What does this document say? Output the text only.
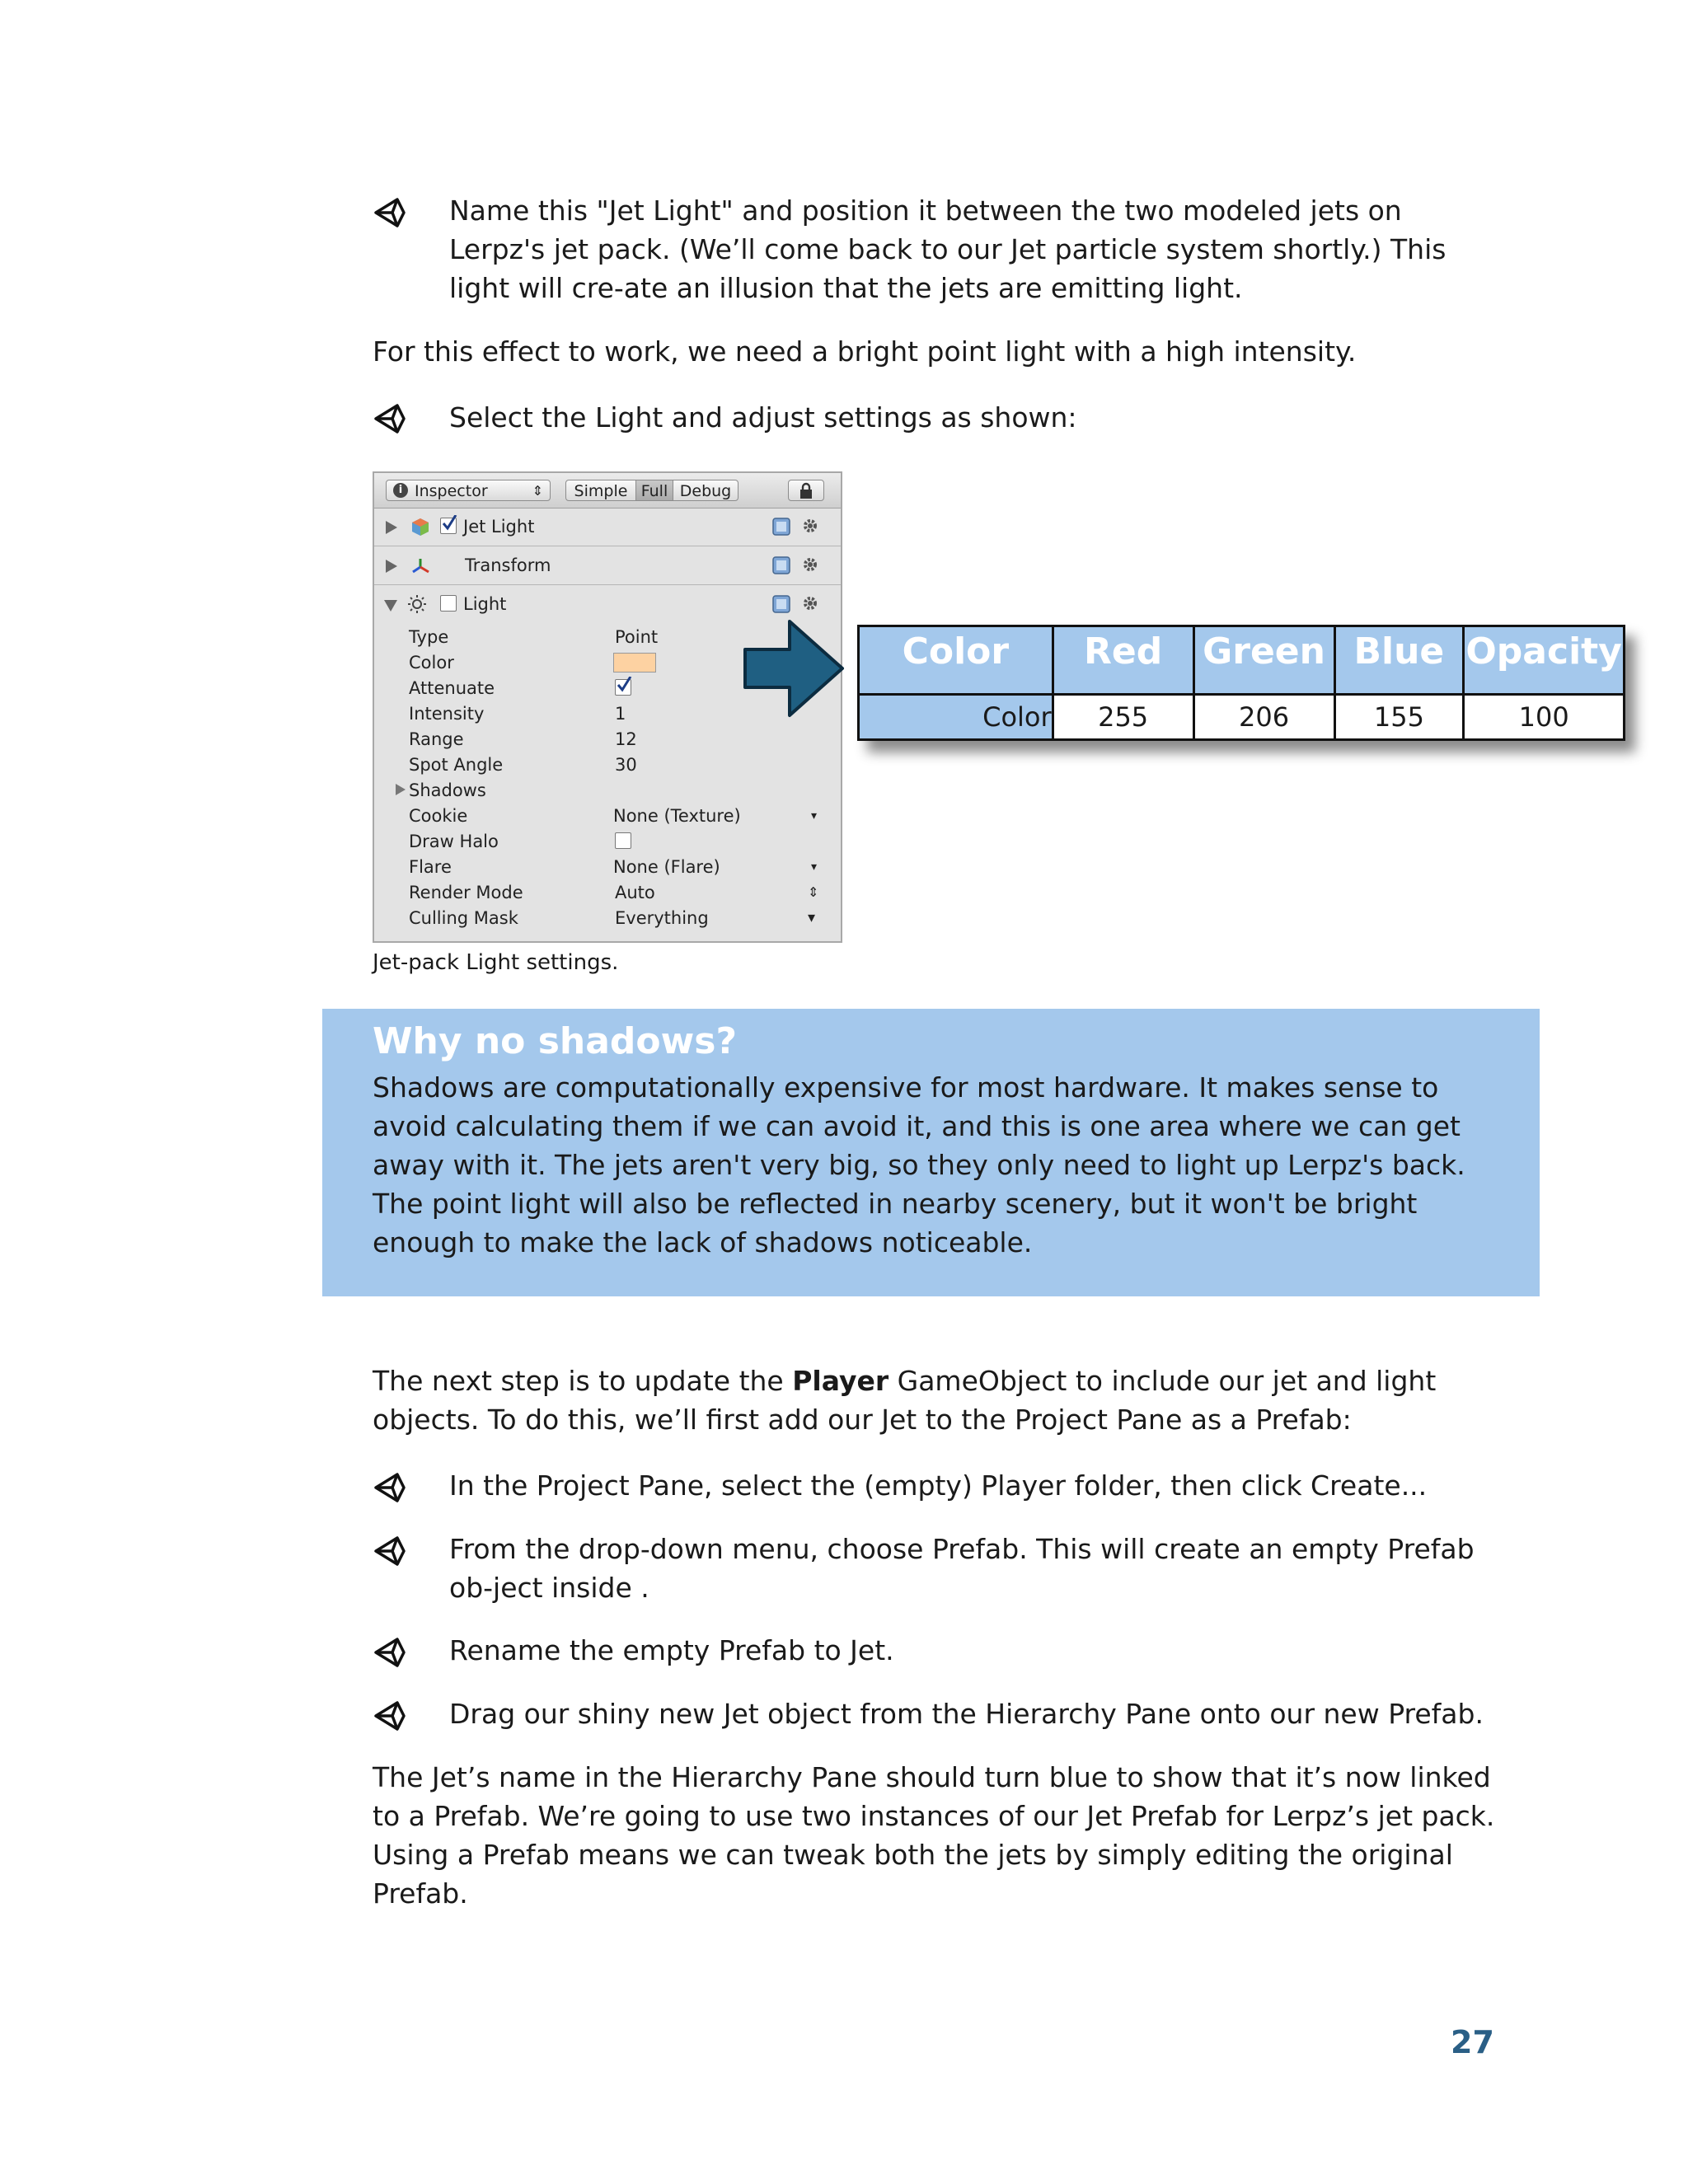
Name this "Jet Light" and position it between the two modeled jets on Lerpz's jet pack. (We’ll come back to our Jet particle system shortly.) This light will cre-ate an illusion that the jets are emitting light.
For this effect to work, we need a bright point light with a high intensity.
Select the Light and adjust settings as shown:
i Inspector	⇕	Simple Full Debug
Jet Light
Transform
Light
Type	Point
Color
Attenuate
Intensity	1
Range	12
Spot Angle	30
Shadows
Cookie	None (Texture)	▾
Draw Halo
Flare	None (Flare)	▾
Render Mode	Auto	⇕
Culling Mask	Everything	▾
Color	Red	Green	Blue	Opacity
Color	255	206	155	100
Jet-pack Light settings.
Why no shadows?
Shadows are computationally expensive for most hardware. It makes sense to avoid calculating them if we can avoid it, and this is one area where we can get away with it. The jets aren't very big, so they only need to light up Lerpz's back. The point light will also be reflected in nearby scenery, but it won't be bright enough to make the lack of shadows noticeable.
The next step is to update the Player GameObject to include our jet and light objects. To do this, we’ll first add our Jet to the Project Pane as a Prefab:
In the Project Pane, select the (empty) Player folder, then click Create...
From the drop-down menu, choose Prefab. This will create an empty Prefab ob-ject inside .
Rename the empty Prefab to Jet.
Drag our shiny new Jet object from the Hierarchy Pane onto our new Prefab.
The Jet’s name in the Hierarchy Pane should turn blue to show that it’s now linked to a Prefab. We’re going to use two instances of our Jet Prefab for Lerpz’s jet pack. Using a Prefab means we can tweak both the jets by simply editing the original Prefab.
27
